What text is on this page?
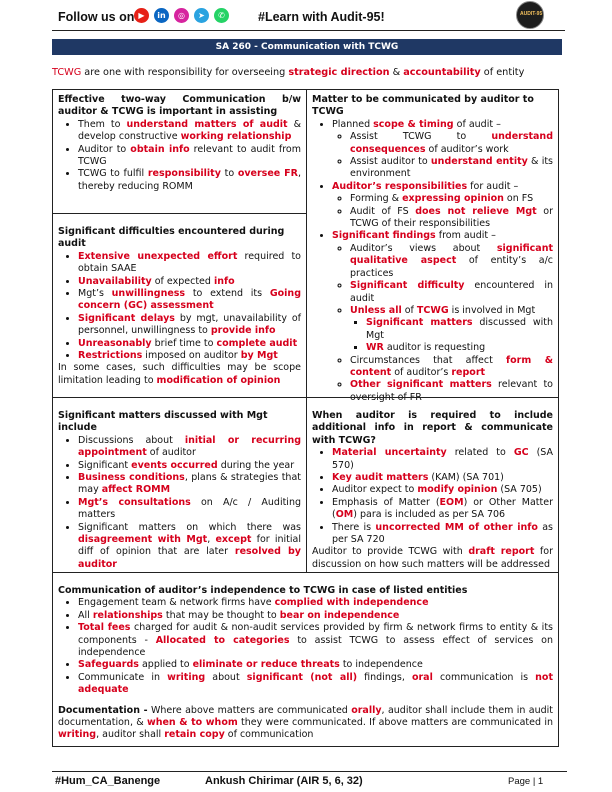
Follow us on ▶	in	◎	➤	✆	#Learn with Audit-95!	AUDIT-95
SA 260 - Communication with TCWG
TCWG are one with responsibility for overseeing strategic direction & accountability of entity
Effective two-way Communication b/w auditor & TCWG is important in assisting
• Them to understand matters of audit & develop constructive working relationship
• Auditor to obtain info relevant to audit from TCWG
• TCWG to fulfil responsibility to oversee FR, thereby reducing ROMM
Significant difficulties encountered during audit
• Extensive unexpected effort required to obtain SAAE
• Unavailability of expected info
• Mgt’s unwillingness to extend its Going concern (GC) assessment
• Significant delays by mgt, unavailability of personnel, unwillingness to provide info
• Unreasonably brief time to complete audit
• Restrictions imposed on auditor by Mgt
In some cases, such difficulties may be scope limitation leading to modification of opinion
Matter to be communicated by auditor to TCWG
• Planned scope & timing of audit –
◦ Assist TCWG to understand consequences of auditor’s work
◦ Assist auditor to understand entity & its environment
• Auditor’s responsibilities for audit –
◦ Forming & expressing opinion on FS
◦ Audit of FS does not relieve Mgt or TCWG of their responsibilities
• Significant findings from audit –
◦ Auditor’s views about significant qualitative aspect of entity’s a/c practices
◦ Significant difficulty encountered in audit
◦ Unless all of TCWG is involved in Mgt
▪ Significant matters discussed with Mgt
▪ WR auditor is requesting
◦ Circumstances that affect form & content of auditor’s report
◦ Other significant matters relevant to oversight of FR
Significant matters discussed with Mgt include
• Discussions about initial or recurring appointment of auditor
• Significant events occurred during the year
• Business conditions, plans & strategies that may affect ROMM
• Mgt’s consultations on A/c / Auditing matters
• Significant matters on which there was disagreement with Mgt, except for initial diff of opinion that are later resolved by auditor
When auditor is required to include additional info in report & communicate with TCWG?
• Material uncertainty related to GC (SA 570)
• Key audit matters (KAM) (SA 701)
• Auditor expect to modify opinion (SA 705)
• Emphasis of Matter (EOM) or Other Matter (OM) para is included as per SA 706
• There is uncorrected MM of other info as per SA 720
Auditor to provide TCWG with draft report for discussion on how such matters will be addressed
Communication of auditor’s independence to TCWG in case of listed entities
• Engagement team & network firms have complied with independence
• All relationships that may be thought to bear on independence
• Total fees charged for audit & non-audit services provided by firm & network firms to entity & its components - Allocated to categories to assist TCWG to assess effect of services on independence
• Safeguards applied to eliminate or reduce threats to independence
• Communicate in writing about significant (not all) findings, oral communication is not adequate
Documentation - Where above matters are communicated orally, auditor shall include them in audit documentation, & when & to whom they were communicated. If above matters are communicated in writing, auditor shall retain copy of communication
#Hum_CA_Banenge	Ankush Chirimar (AIR 5, 6, 32)	Page | 1
